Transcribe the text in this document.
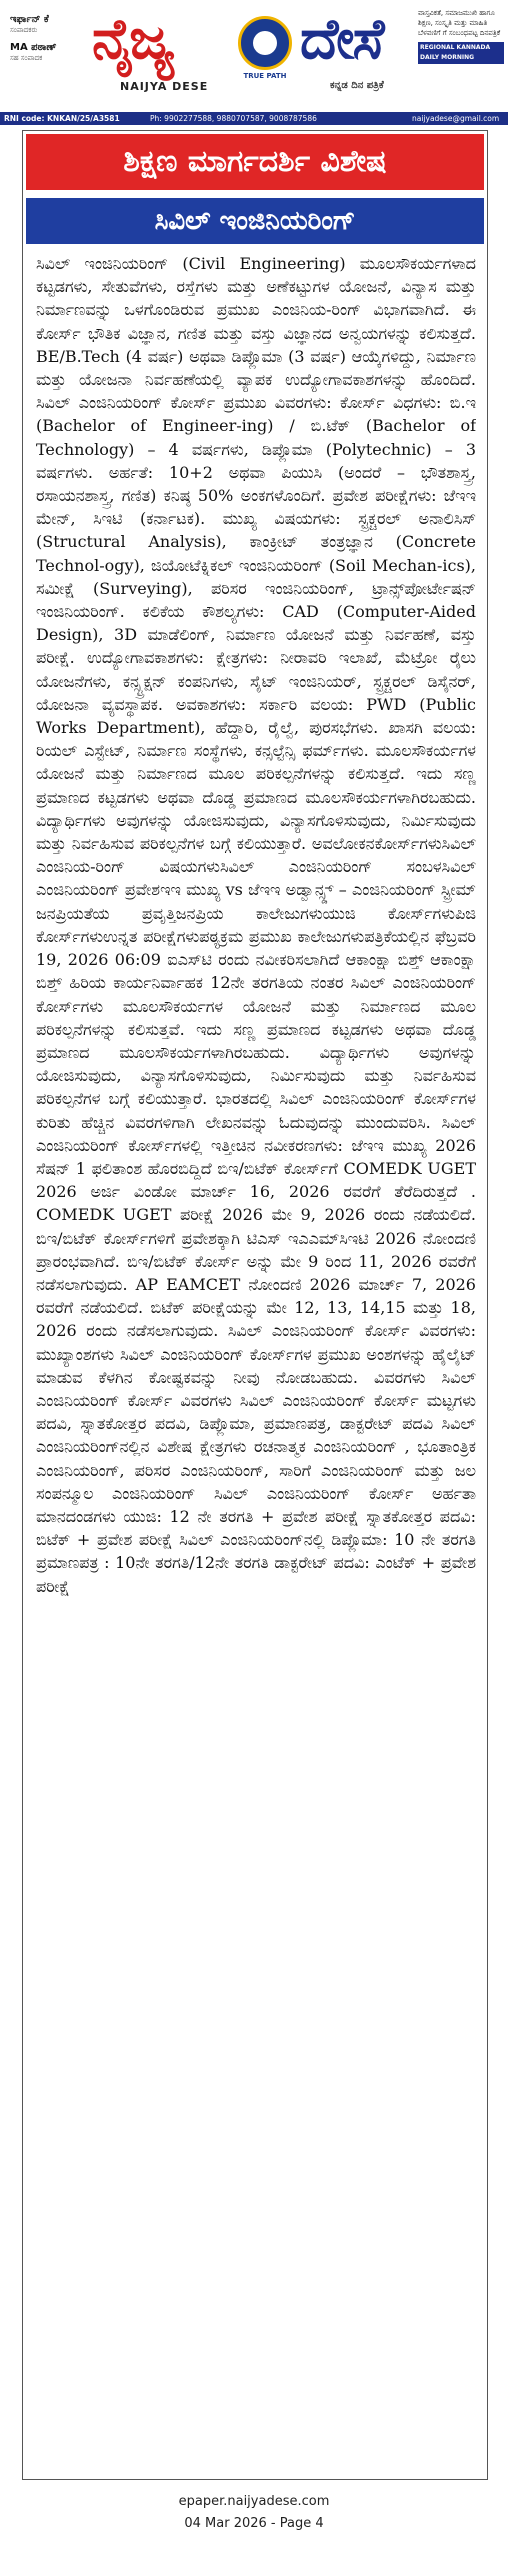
ಇರ್ಫಾನ್ ಕೆ
ಸಂಪಾದಕರು
MA ಪಠಾಣ್
ಸಹ ಸಂಪಾದಕ ನೈಜ್ಯ
TRUE PATH
ದೇಸೆ
NAIJYA DESE	ಕನ್ನಡ ದಿನ ಪತ್ರಿಕೆ
ವಾಸ್ತವಿಕತೆ, ಸಮಾಜಮುಖಿ ಹಾಗೂ ಶಿಕ್ಷಣ, ಸಂಸ್ಕೃತಿ ಮತ್ತು ಮಾಹಿತಿ ಬೆಳವಣಿಗೆ ಗೆ ಸಂಬಂಧಪಟ್ಟ ದಿನಪತ್ರಿಕೆ
REGIONAL KANNADA DAILY MORNING
RNI code: KNKAN/25/A3581	Ph: 9902277588, 9880707587, 9008787586	naijyadese@gmail.com
ಶಿಕ್ಷಣ ಮಾರ್ಗದರ್ಶಿ ವಿಶೇಷ
ಸಿವಿಲ್ ಇಂಜಿನಿಯರಿಂಗ್
ಸಿವಿಲ್ ಇಂಜಿನಿಯರಿಂಗ್ (Civil Engineering) ಮೂಲಸೌಕರ್ಯಗಳಾದ ಕಟ್ಟಡಗಳು, ಸೇತುವೆಗಳು, ರಸ್ತೆಗಳು ಮತ್ತು ಅಣೆಕಟ್ಟುಗಳ ಯೋಜನೆ, ವಿನ್ಯಾಸ ಮತ್ತು ನಿರ್ಮಾಣವನ್ನು ಒಳಗೊಂಡಿರುವ ಪ್ರಮುಖ ಎಂಜಿನಿಯ-ರಿಂಗ್ ವಿಭಾಗವಾಗಿದೆ. ಈ ಕೋರ್ಸ್ ಭೌತಿಕ ವಿಜ್ಞಾನ, ಗಣಿತ ಮತ್ತು ವಸ್ತು ವಿಜ್ಞಾನದ ಅನ್ವಯಗಳನ್ನು ಕಲಿಸುತ್ತದೆ. BE/B.Tech (4 ವರ್ಷ) ಅಥವಾ ಡಿಪ್ಲೊಮಾ (3 ವರ್ಷ) ಆಯ್ಕೆಗಳಿದ್ದು, ನಿರ್ಮಾಣ ಮತ್ತು ಯೋಜನಾ ನಿರ್ವಹಣೆಯಲ್ಲಿ ವ್ಯಾಪಕ ಉದ್ಯೋಗಾವಕಾಶಗಳನ್ನು ಹೊಂದಿದೆ. ಸಿವಿಲ್ ಎಂಜಿನಿಯರಿಂಗ್ ಕೋರ್ಸ್ ಪ್ರಮುಖ ವಿವರಗಳು: ಕೋರ್ಸ್ ವಿಧಗಳು: ಬಿ.ಇ (Bachelor of Engineer-ing) / ಬಿ.ಟೆಕ್ (Bachelor of Technology) – 4 ವರ್ಷಗಳು, ಡಿಪ್ಲೊಮಾ (Polytechnic) – 3 ವರ್ಷಗಳು. ಅರ್ಹತೆ: 10+2 ಅಥವಾ ಪಿಯುಸಿ (ಅಂದರೆ – ಭೌತಶಾಸ್ತ್ರ, ರಸಾಯನಶಾಸ್ತ್ರ, ಗಣಿತ) ಕನಿಷ್ಠ 50% ಅಂಕಗಳೊಂದಿಗೆ. ಪ್ರವೇಶ ಪರೀಕ್ಷೆಗಳು: ಜೆಇಇ ಮೇನ್, ಸಿಇಟಿ (ಕರ್ನಾಟಕ). ಮುಖ್ಯ ವಿಷಯಗಳು: ಸ್ಟ್ರಕ್ಚರಲ್ ಅನಾಲಿಸಿಸ್ (Structural Analysis), ಕಾಂಕ್ರೀಟ್ ತಂತ್ರಜ್ಞಾನ (Concrete Technol-ogy), ಜಿಯೋಟೆಕ್ನಿಕಲ್ ಇಂಜಿನಿಯರಿಂಗ್ (Soil Mechan-ics), ಸಮೀಕ್ಷೆ (Surveying), ಪರಿಸರ ಇಂಜಿನಿಯರಿಂಗ್, ಟ್ರಾನ್ಸ್‌ಪೋರ್ಟೇಷನ್ ಇಂಜಿನಿಯರಿಂಗ್. ಕಲಿಕೆಯ ಕೌಶಲ್ಯಗಳು: CAD (Computer-Aided Design), 3D ಮಾಡೆಲಿಂಗ್, ನಿರ್ಮಾಣ ಯೋಜನೆ ಮತ್ತು ನಿರ್ವಹಣೆ, ವಸ್ತು ಪರೀಕ್ಷೆ. ಉದ್ಯೋಗಾವಕಾಶಗಳು: ಕ್ಷೇತ್ರಗಳು: ನೀರಾವರಿ ಇಲಾಖೆ, ಮೆಟ್ರೋ ರೈಲು ಯೋಜನೆಗಳು, ಕನ್ಸ್ಟ್ರಕ್ಷನ್ ಕಂಪನಿಗಳು, ಸೈಟ್ ಇಂಜಿನಿಯರ್, ಸ್ಟ್ರಕ್ಚರಲ್ ಡಿಸೈನರ್, ಯೋಜನಾ ವ್ಯವಸ್ಥಾಪಕ. ಅವಕಾಶಗಳು: ಸರ್ಕಾರಿ ವಲಯ: PWD (Public Works Department), ಹೆದ್ದಾರಿ, ರೈಲ್ವೆ, ಪುರಸಭೆಗಳು. ಖಾಸಗಿ ವಲಯ: ರಿಯಲ್ ಎಸ್ಟೇಟ್, ನಿರ್ಮಾಣ ಸಂಸ್ಥೆಗಳು, ಕನ್ಸಲ್ಟೆನ್ಸಿ ಫರ್ಮ್‌ಗಳು. ಮೂಲಸೌಕರ್ಯಗಳ ಯೋಜನೆ ಮತ್ತು ನಿರ್ಮಾಣದ ಮೂಲ ಪರಿಕಲ್ಪನೆಗಳನ್ನು ಕಲಿಸುತ್ತದೆ. ಇದು ಸಣ್ಣ ಪ್ರಮಾಣದ ಕಟ್ಟಡಗಳು ಅಥವಾ ದೊಡ್ಡ ಪ್ರಮಾಣದ ಮೂಲಸೌಕರ್ಯಗಳಾಗಿರಬಹುದು. ವಿದ್ಯಾರ್ಥಿಗಳು ಅವುಗಳನ್ನು ಯೋಜಿಸುವುದು, ವಿನ್ಯಾಸಗೊಳಿಸುವುದು, ನಿರ್ಮಿಸುವುದು ಮತ್ತು ನಿರ್ವಹಿಸುವ ಪರಿಕಲ್ಪನೆಗಳ ಬಗ್ಗೆ ಕಲಿಯುತ್ತಾರೆ. ಅವಲೋಕನಕೋರ್ಸ್‌ಗಳುಸಿವಿಲ್ ಎಂಜಿನಿಯ-ರಿಂಗ್ ವಿಷಯಗಳುಸಿವಿಲ್ ಎಂಜಿನಿಯರಿಂಗ್ ಸಂಬಳಸಿವಿಲ್ ಎಂಜಿನಿಯರಿಂಗ್ ಪ್ರವೇಶಇಇ ಮುಖ್ಯ vs ಜೆಇಇ ಅಡ್ವಾನ್ಸ್ಡ್ – ಎಂಜಿನಿಯರಿಂಗ್ ಸ್ಟ್ರೀಮ್ ಜನಪ್ರಿಯತೆಯ ಪ್ರವೃತ್ತಿಜನಪ್ರಿಯ ಕಾಲೇಜುಗಳುಯುಜಿ ಕೋರ್ಸ್‌ಗಳುಪಿಜಿ ಕೋರ್ಸ್‌ಗಳುಉನ್ನತ ಪರೀಕ್ಷೆಗಳುಪಠ್ಯಕ್ರಮ ಪ್ರಮುಖ ಕಾಲೇಜುಗಳುಪತ್ರಿಕೆಯಲ್ಲಿನ ಫೆಬ್ರವರಿ 19, 2026 06:09 ಐಎಸ್‌ಟಿ ರಂದು ನವೀಕರಿಸಲಾಗಿದೆ ಆಕಾಂಕ್ಷಾ ಬಿಶ್ತ್ ಆಕಾಂಕ್ಷಾ ಬಿಶ್ತ್ ಹಿರಿಯ ಕಾರ್ಯನಿರ್ವಾಹಕ 12ನೇ ತರಗತಿಯ ನಂತರ ಸಿವಿಲ್ ಎಂಜಿನಿಯರಿಂಗ್ ಕೋರ್ಸ್‌ಗಳು ಮೂಲಸೌಕರ್ಯಗಳ ಯೋಜನೆ ಮತ್ತು ನಿರ್ಮಾಣದ ಮೂಲ ಪರಿಕಲ್ಪನೆಗಳನ್ನು ಕಲಿಸುತ್ತವೆ. ಇದು ಸಣ್ಣ ಪ್ರಮಾಣದ ಕಟ್ಟಡಗಳು ಅಥವಾ ದೊಡ್ಡ ಪ್ರಮಾಣದ ಮೂಲಸೌಕರ್ಯಗಳಾಗಿರಬಹುದು. ವಿದ್ಯಾರ್ಥಿಗಳು ಅವುಗಳನ್ನು ಯೋಜಿಸುವುದು, ವಿನ್ಯಾಸಗೊಳಿಸುವುದು, ನಿರ್ಮಿಸುವುದು ಮತ್ತು ನಿರ್ವಹಿಸುವ ಪರಿಕಲ್ಪನೆಗಳ ಬಗ್ಗೆ ಕಲಿಯುತ್ತಾರೆ. ಭಾರತದಲ್ಲಿ ಸಿವಿಲ್ ಎಂಜಿನಿಯರಿಂಗ್ ಕೋರ್ಸ್‌ಗಳ ಕುರಿತು ಹೆಚ್ಚಿನ ವಿವರಗಳಿಗಾಗಿ ಲೇಖನವನ್ನು ಓದುವುದನ್ನು ಮುಂದುವರಿಸಿ. ಸಿವಿಲ್ ಎಂಜಿನಿಯರಿಂಗ್ ಕೋರ್ಸ್‌ಗಳಲ್ಲಿ ಇತ್ತೀಚಿನ ನವೀಕರಣಗಳು: ಜೆಇಇ ಮುಖ್ಯ 2026 ಸೆಷನ್ 1 ಫಲಿತಾಂಶ ಹೊರಬಿದ್ದಿದೆ ಬಿಇ/ಬಿಟೆಕ್ ಕೋರ್ಸ್‌ಗೆ COMEDK UGET 2026 ಅರ್ಜಿ ವಿಂಡೋ ಮಾರ್ಚ್ 16, 2026 ರವರೆಗೆ ತೆರೆದಿರುತ್ತದೆ . COMEDK UGET ಪರೀಕ್ಷೆ 2026 ಮೇ 9, 2026 ರಂದು ನಡೆಯಲಿದೆ. ಬಿಇ/ಬಿಟೆಕ್ ಕೋರ್ಸ್‌ಗಳಿಗೆ ಪ್ರವೇಶಕ್ಕಾಗಿ ಟಿಎಸ್ ಇಎಎಮ್‌ಸಿಇಟಿ 2026 ನೋಂದಣಿ ಪ್ರಾರಂಭವಾಗಿದೆ. ಬಿಇ/ಬಿಟೆಕ್ ಕೋರ್ಸ್ ಅನ್ನು ಮೇ 9 ರಿಂದ 11, 2026 ರವರೆಗೆ ನಡೆಸಲಾಗುವುದು. AP EAMCET ನೋಂದಣಿ 2026 ಮಾರ್ಚ್ 7, 2026 ರವರೆಗೆ ನಡೆಯಲಿದೆ. ಬಿಟೆಕ್ ಪರೀಕ್ಷೆಯನ್ನು ಮೇ 12, 13, 14,15 ಮತ್ತು 18, 2026 ರಂದು ನಡೆಸಲಾಗುವುದು. ಸಿವಿಲ್ ಎಂಜಿನಿಯರಿಂಗ್ ಕೋರ್ಸ್ ವಿವರಗಳು: ಮುಖ್ಯಾಂಶಗಳು ಸಿವಿಲ್ ಎಂಜಿನಿಯರಿಂಗ್ ಕೋರ್ಸ್‌ಗಳ ಪ್ರಮುಖ ಅಂಶಗಳನ್ನು ಹೈಲೈಟ್ ಮಾಡುವ ಕೆಳಗಿನ ಕೋಷ್ಟಕವನ್ನು ನೀವು ನೋಡಬಹುದು. ವಿವರಗಳು ಸಿವಿಲ್ ಎಂಜಿನಿಯರಿಂಗ್ ಕೋರ್ಸ್ ವಿವರಗಳು ಸಿವಿಲ್ ಎಂಜಿನಿಯರಿಂಗ್ ಕೋರ್ಸ್ ಮಟ್ಟಗಳು ಪದವಿ, ಸ್ನಾತಕೋತ್ತರ ಪದವಿ, ಡಿಪ್ಲೊಮಾ, ಪ್ರಮಾಣಪತ್ರ, ಡಾಕ್ಟರೇಟ್ ಪದವಿ ಸಿವಿಲ್ ಎಂಜಿನಿಯರಿಂಗ್‌ನಲ್ಲಿನ ವಿಶೇಷ ಕ್ಷೇತ್ರಗಳು ರಚನಾತ್ಮಕ ಎಂಜಿನಿಯರಿಂಗ್ , ಭೂತಾಂತ್ರಿಕ ಎಂಜಿನಿಯರಿಂಗ್, ಪರಿಸರ ಎಂಜಿನಿಯರಿಂಗ್, ಸಾರಿಗೆ ಎಂಜಿನಿಯರಿಂಗ್ ಮತ್ತು ಜಲ ಸಂಪನ್ಮೂಲ ಎಂಜಿನಿಯರಿಂಗ್ ಸಿವಿಲ್ ಎಂಜಿನಿಯರಿಂಗ್ ಕೋರ್ಸ್ ಅರ್ಹತಾ ಮಾನದಂಡಗಳು ಯುಜಿ: 12 ನೇ ತರಗತಿ + ಪ್ರವೇಶ ಪರೀಕ್ಷೆ ಸ್ನಾತಕೋತ್ತರ ಪದವಿ: ಬಿಟೆಕ್ + ಪ್ರವೇಶ ಪರೀಕ್ಷೆ ಸಿವಿಲ್ ಎಂಜಿನಿಯರಿಂಗ್‌ನಲ್ಲಿ ಡಿಪ್ಲೊಮಾ: 10 ನೇ ತರಗತಿ ಪ್ರಮಾಣಪತ್ರ : 10ನೇ ತರಗತಿ/12ನೇ ತರಗತಿ ಡಾಕ್ಟರೇಟ್ ಪದವಿ: ಎಂಟೆಕ್ + ಪ್ರವೇಶ ಪರೀಕ್ಷೆ
epaper.naijyadese.com
04 Mar 2026 - Page 4
